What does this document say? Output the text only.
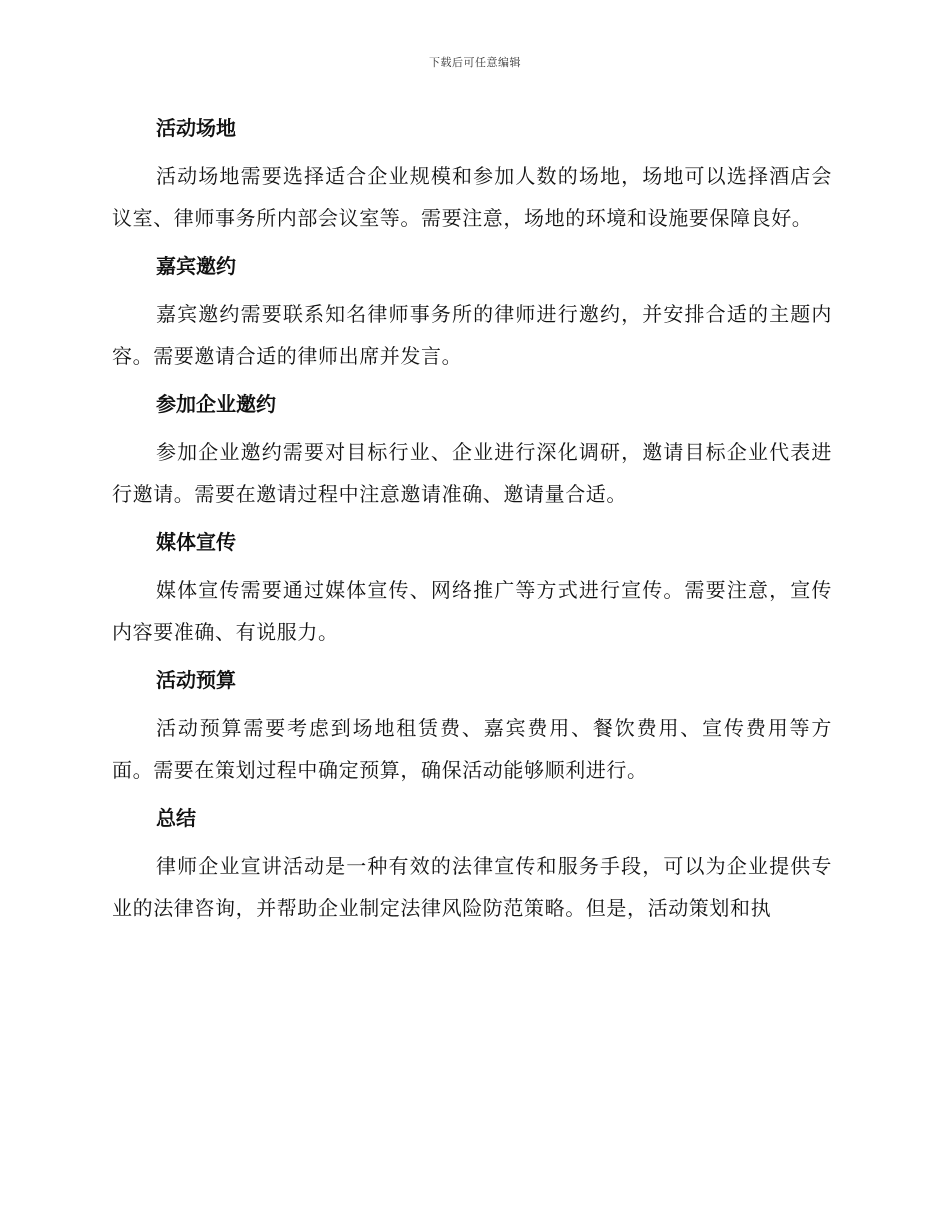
下载后可任意编辑
活动场地

活动场地需要选择适合企业规模和参加人数的场地，场地可以选择酒店会议室、律师事务所内部会议室等。需要注意，场地的环境和设施要保障良好。

嘉宾邀约

嘉宾邀约需要联系知名律师事务所的律师进行邀约，并安排合适的主题内容。需要邀请合适的律师出席并发言。

参加企业邀约

参加企业邀约需要对目标行业、企业进行深化调研，邀请目标企业代表进行邀请。需要在邀请过程中注意邀请准确、邀请量合适。

媒体宣传

媒体宣传需要通过媒体宣传、网络推广等方式进行宣传。需要注意，宣传内容要准确、有说服力。

活动预算

活动预算需要考虑到场地租赁费、嘉宾费用、餐饮费用、宣传费用等方面。需要在策划过程中确定预算，确保活动能够顺利进行。

总结

律师企业宣讲活动是一种有效的法律宣传和服务手段，可以为企业提供专业的法律咨询，并帮助企业制定法律风险防范策略。但是，活动策划和执
